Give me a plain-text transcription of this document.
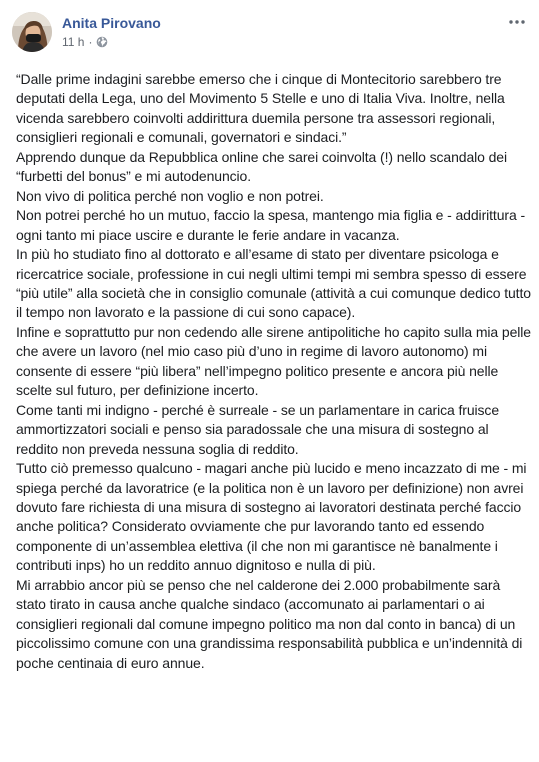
Anita Pirovano
11 h ·

“Dalle prime indagini sarebbe emerso che i cinque di Montecitorio sarebbero tre deputati della Lega, uno del Movimento 5 Stelle e uno di Italia Viva. Inoltre, nella vicenda sarebbero coinvolti addirittura duemila persone tra assessori regionali, consiglieri regionali e comunali, governatori e sindaci.”

Apprendo dunque da Repubblica online che sarei coinvolta (!) nello scandalo dei “furbetti del bonus” e mi autodenuncio.

Non vivo di politica perché non voglio e non potrei.

Non potrei perché ho un mutuo, faccio la spesa, mantengo mia figlia e - addirittura - ogni tanto mi piace uscire e durante le ferie andare in vacanza.

In più ho studiato fino al dottorato e all’esame di stato per diventare psicologa e ricercatrice sociale, professione in cui negli ultimi tempi mi sembra spesso di essere “più utile” alla società che in consiglio comunale (attività a cui comunque dedico tutto il tempo non lavorato e la passione di cui sono capace).

Infine e soprattutto pur non cedendo alle sirene antipolitiche ho capito sulla mia pelle che avere un lavoro (nel mio caso più d’uno in regime di lavoro autonomo) mi consente di essere “più libera” nell’impegno politico presente e ancora più nelle scelte sul futuro, per definizione incerto.

Come tanti mi indigno - perché è surreale - se un parlamentare in carica fruisce ammortizzatori sociali e penso sia paradossale che una misura di sostegno al reddito non preveda nessuna soglia di reddito.

Tutto ciò premesso qualcuno - magari anche più lucido e meno incazzato di me - mi spiega perché da lavoratrice (e la politica non è un lavoro per definizione) non avrei dovuto fare richiesta di una misura di sostegno ai lavoratori destinata perché faccio anche politica? Considerato ovviamente che pur lavorando tanto ed essendo componente di un’assemblea elettiva (il che non mi garantisce nè banalmente i contributi inps) ho un reddito annuo dignitoso e nulla di più.

Mi arrabbio ancor più se penso che nel calderone dei 2.000 probabilmente sarà stato tirato in causa anche qualche sindaco (accomunato ai parlamentari o ai consiglieri regionali dal comune impegno politico ma non dal conto in banca) di un piccolissimo comune con una grandissima responsabilità pubblica e un’indennità di poche centinaia di euro annue.
